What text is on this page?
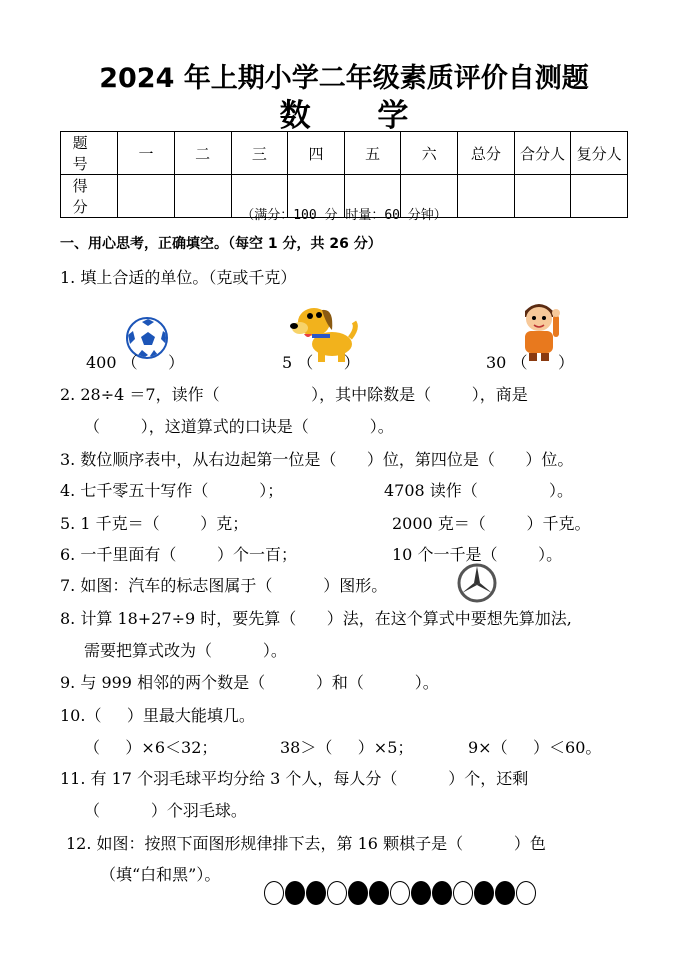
2024 年上期小学二年级素质评价自测题
数 学
题 号	一	二	三	四	五	六	总分	合分人	复分人
得 分										（满分：100 分 时量：60 分钟）
一、用心思考，正确填空。（每空 1 分，共 26 分）
1. 填上合适的单位。（克或千克）
400 （      ）	5 （      ）	30 （      ）
2. 28÷4 ＝7，读作（                  ），其中除数是（        ），商是
（        ），这道算式的口诀是（            ）。
3. 数位顺序表中，从右边起第一位是（      ）位，第四位是（      ）位。
4. 七千零五十写作（          ）；	4708 读作（              ）。
5. 1 千克＝（        ）克；	2000 克＝（        ）千克。
6. 一千里面有（        ）个一百；	10 个一千是（        ）。
7. 如图：汽车的标志图属于（          ）图形。
8. 计算 18+27÷9 时，要先算（      ）法，在这个算式中要想先算加法,
需要把算式改为（          ）。
9. 与 999 相邻的两个数是（          ）和（          ）。
10.（     ）里最大能填几。
（     ）×6＜32；	38＞（     ）×5；	9×（     ）＜60。
11. 有 17 个羽毛球平均分给 3 个人，每人分（          ）个，还剩
（          ）个羽毛球。
12. 如图：按照下面图形规律排下去，第 16 颗棋子是（          ）色
（填“白和黑”）。
